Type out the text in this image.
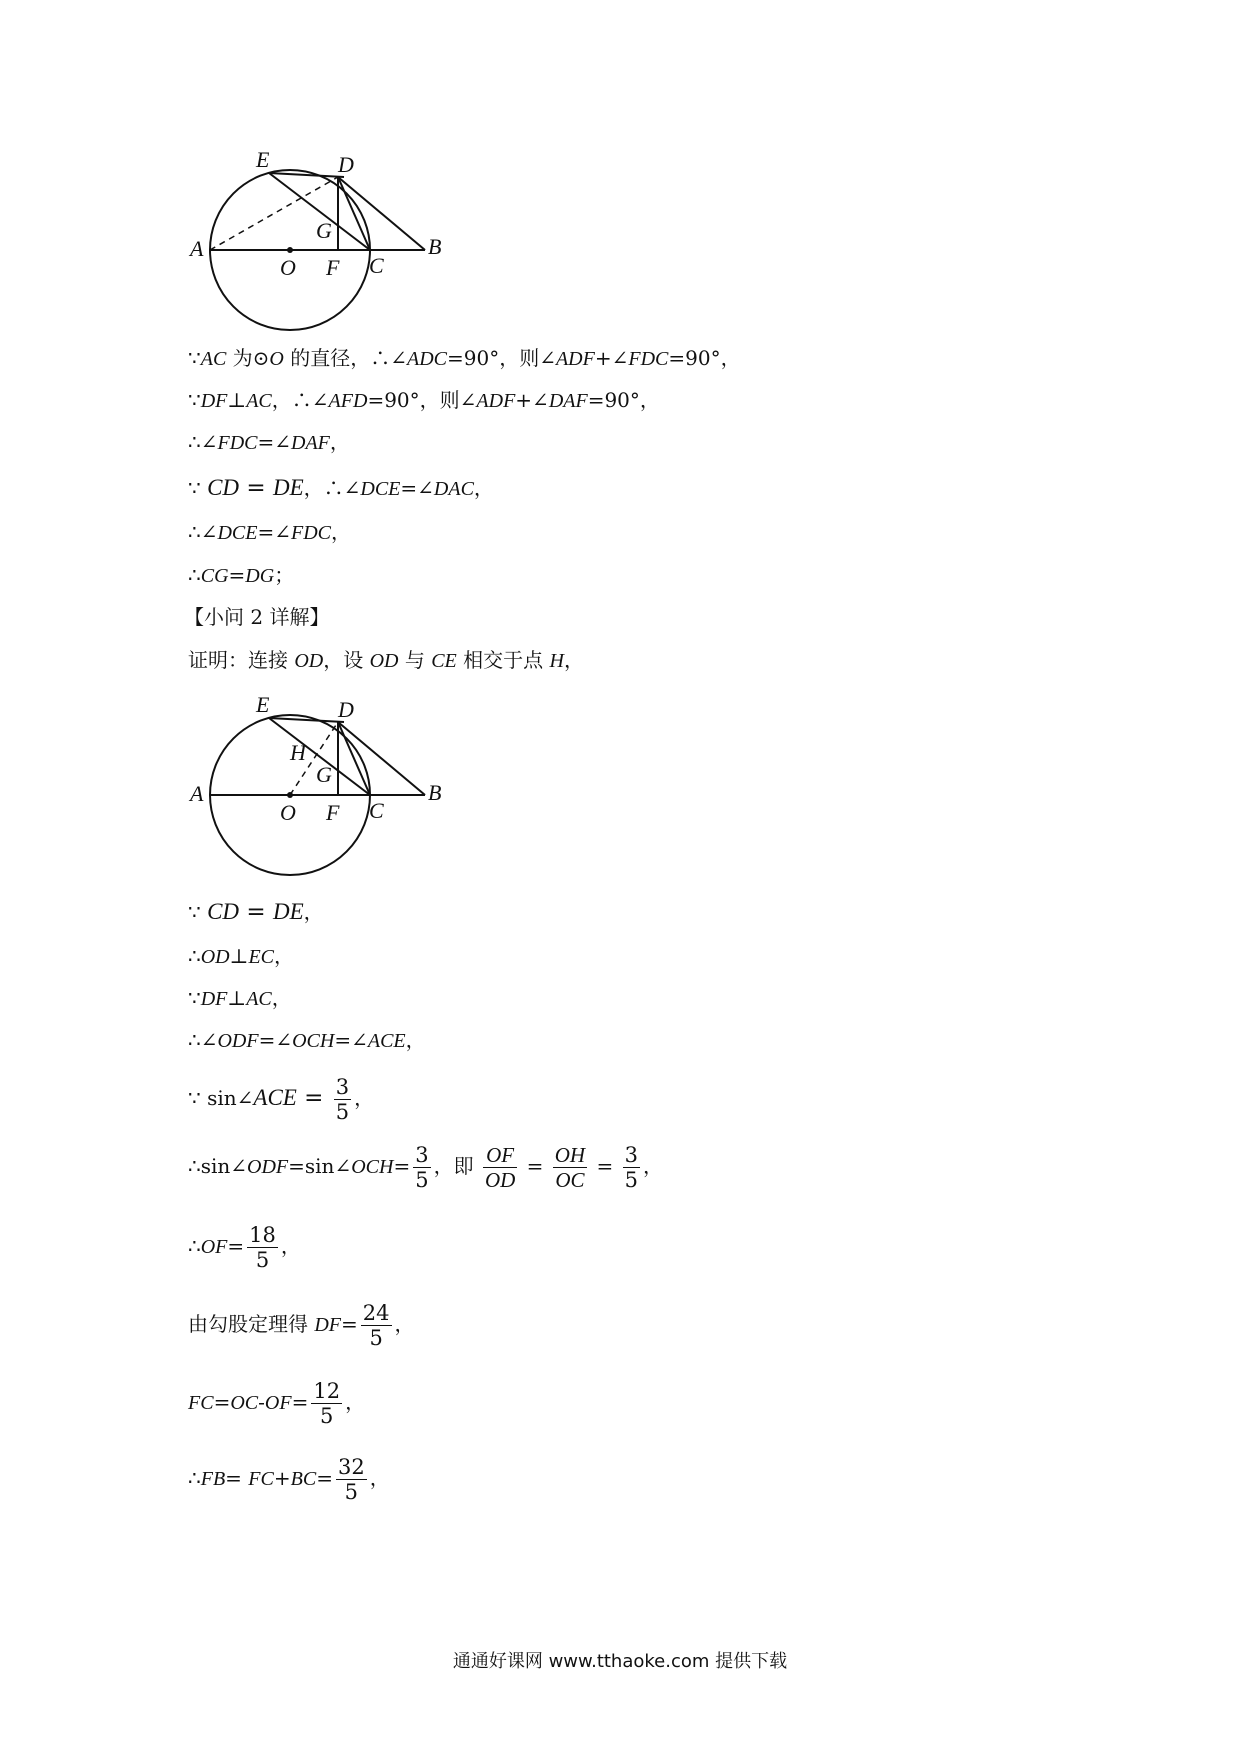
E	D
G
A
O F C
B
∵AC 为⊙O 的直径，∴∠ADC=90°，则∠ADF+∠FDC=90°，
∵DF⊥AC，∴∠AFD=90°，则∠ADF+∠DAF=90°，
∴∠FDC=∠DAF，
∵ CD = DE，∴∠DCE=∠DAC，
∴∠DCE=∠FDC，
∴CG=DG；
【小问 2 详解】
证明：连接 OD，设 OD 与 CE 相交于点 H，
E	D
H
G
A
O F C
B
∵ CD = DE，
∴OD⊥EC，
∵DF⊥AC，
∴∠ODF=∠OCH=∠ACE，
∵ sin∠ACE = $\frac{3}{5}$ ，
∴sin∠ODF=sin∠OCH= $\frac{3}{5}$ ，即 $\frac{OF}{OD} = \frac{OH}{OC} = \frac{3}{5}$ ，
∴OF= $\frac{18}{5}$ ，
由勾股定理得 $DF= \frac{24}{5}$ ，
$FC=OC-OF= \frac{12}{5}$ ，
∴FB= $FC+BC= \frac{32}{5}$ ，
通通好课网 www.tthaoke.com 提供下载
